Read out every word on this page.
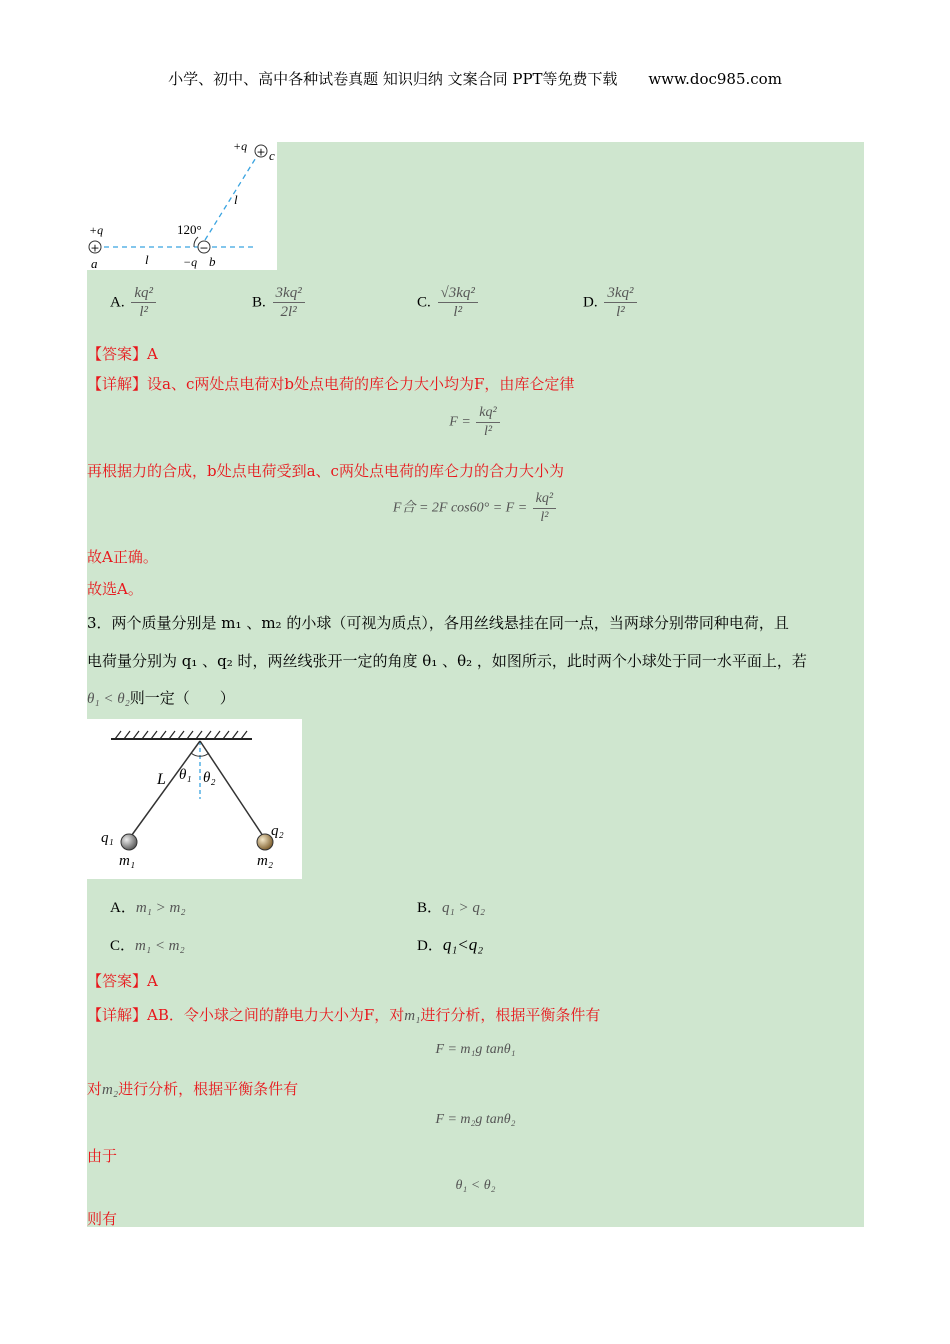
小学、初中、高中各种试卷真题 知识归纳 文案合同 PPT等免费下载 www.doc985.com
+	−
+
+q
c
l
120°
+q
a	l	−q b
A. $\frac{\text{kq²}}{\text{l²}}$	B. $\frac{\text{3kq²}}{\text{2l²}}$	C. $\frac{\text{√3kq²}}{\text{l²}}$	D. $\frac{\text{3kq²}}{\text{l²}}$
【答案】A
【详解】设a、c两处点电荷对b处点电荷的库仑力大小均为F，由库仑定律
$F = \frac{\text{kq²}}{\text{l²}}$
再根据力的合成，b处点电荷受到a、c两处点电荷的库仑力的合力大小为
F合 = 2F $\cos 60^\circ = F = \frac{\text{kq²}}{\text{l²}}$
故A正确。
故选A。
3．两个质量分别是 m₁ 、m₂ 的小球（可视为质点），各用丝线悬挂在同一点，当两球分别带同种电荷，且
电荷量分别为 q₁ 、q₂ 时，两丝线张开一定的角度 θ₁ 、θ₂ ，如图所示，此时两个小球处于同一水平面上，若
θ₁ < θ₂则一定（　　）
L θ₁ θ₂
q₁
m₁
q₂
m₂
A．m₁ > m₂	B．q₁ > q₂
C．m₁ < m₂	D．q₁<q₂
【答案】A
【详解】AB．令小球之间的静电力大小为F，对m₁进行分析，根据平衡条件有
F = m₁g tanθ₁
对m₂进行分析，根据平衡条件有
F = m₂g tanθ₂
由于
θ₁ < θ₂
则有
